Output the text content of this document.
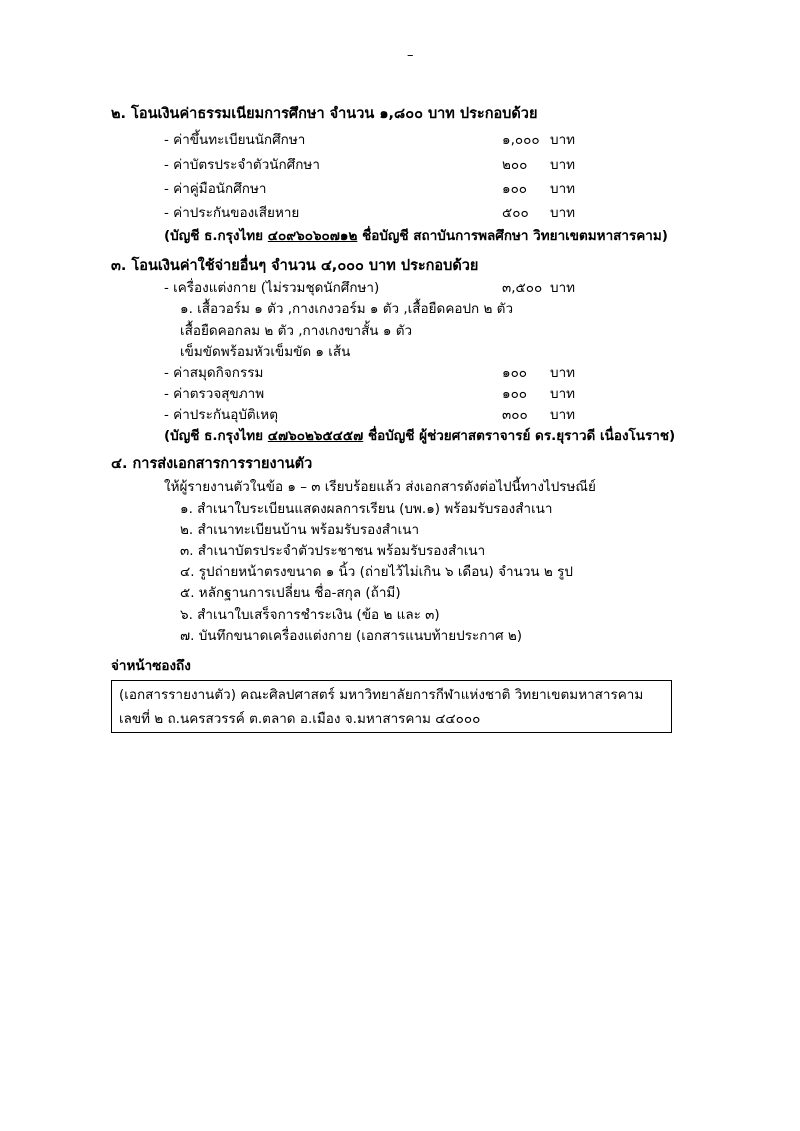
–
๒. โอนเงินค่าธรรมเนียมการศึกษา จำนวน ๑,๘๐๐ บาท ประกอบด้วย
- ค่าขึ้นทะเบียนนักศึกษา	๑,๐๐๐ บาท
- ค่าบัตรประจำตัวนักศึกษา	๒๐๐ บาท
- ค่าคู่มือนักศึกษา	๑๐๐ บาท
- ค่าประกันของเสียหาย	๕๐๐ บาท
(บัญชี ธ.กรุงไทย ๔๐๙๖๐๖๐๗๑๒ ชื่อบัญชี สถาบันการพลศึกษา วิทยาเขตมหาสารคาม)
๓. โอนเงินค่าใช้จ่ายอื่นๆ จำนวน ๔,๐๐๐ บาท ประกอบด้วย
- เครื่องแต่งกาย (ไม่รวมชุดนักศึกษา)	๓,๕๐๐ บาท
๑. เสื้อวอร์ม ๑ ตัว ,กางเกงวอร์ม ๑ ตัว ,เสื้อยืดคอปก ๒ ตัว
เสื้อยืดคอกลม ๒ ตัว ,กางเกงขาสั้น ๑ ตัว
เข็มขัดพร้อมหัวเข็มขัด ๑ เส้น
- ค่าสมุดกิจกรรม	๑๐๐ บาท
- ค่าตรวจสุขภาพ	๑๐๐ บาท
- ค่าประกันอุบัติเหตุ	๓๐๐ บาท
(บัญชี ธ.กรุงไทย ๔๗๖๐๒๖๕๔๕๗ ชื่อบัญชี ผู้ช่วยศาสตราจารย์ ดร.ยุราวดี เนื่องโนราช)
๔. การส่งเอกสารการรายงานตัว
ให้ผู้รายงานตัวในข้อ ๑ – ๓ เรียบร้อยแล้ว ส่งเอกสารดังต่อไปนี้ทางไปรษณีย์
๑. สำเนาใบระเบียนแสดงผลการเรียน (บพ.๑) พร้อมรับรองสำเนา
๒. สำเนาทะเบียนบ้าน พร้อมรับรองสำเนา
๓. สำเนาบัตรประจำตัวประชาชน พร้อมรับรองสำเนา
๔. รูปถ่ายหน้าตรงขนาด ๑ นิ้ว (ถ่ายไว้ไม่เกิน ๖ เดือน) จำนวน ๒ รูป
๕. หลักฐานการเปลี่ยน ชื่อ-สกุล (ถ้ามี)
๖. สำเนาใบเสร็จการชำระเงิน (ข้อ ๒ และ ๓)
๗. บันทึกขนาดเครื่องแต่งกาย (เอกสารแนบท้ายประกาศ ๒)
จ่าหน้าซองถึง
(เอกสารรายงานตัว) คณะศิลปศาสตร์ มหาวิทยาลัยการกีฬาแห่งชาติ วิทยาเขตมหาสารคาม
เลขที่ ๒ ถ.นครสวรรค์ ต.ตลาด อ.เมือง จ.มหาสารคาม ๔๔๐๐๐
